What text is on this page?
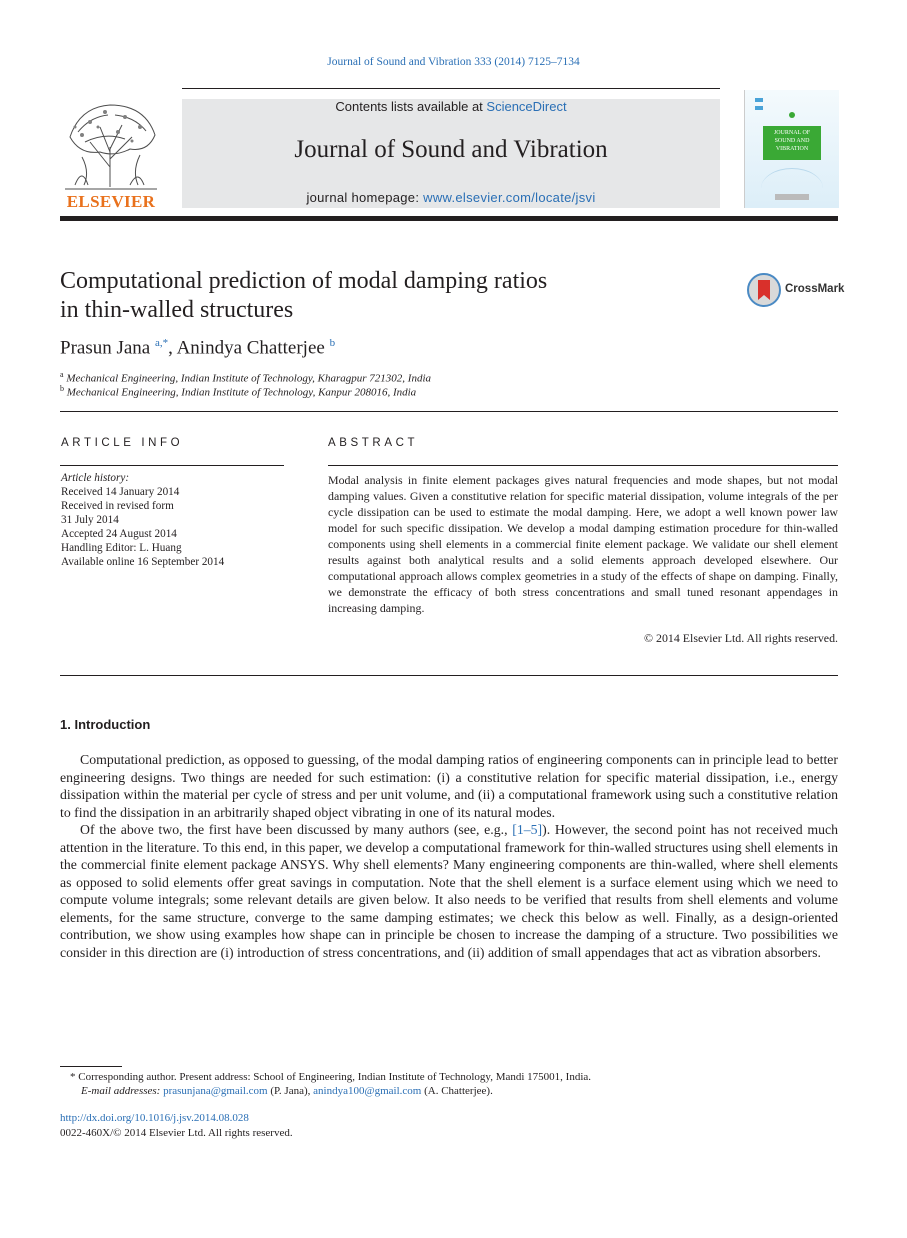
Journal of Sound and Vibration 333 (2014) 7125–7134
ELSEVIER
Contents lists available at ScienceDirect
Journal of Sound and Vibration
journal homepage: www.elsevier.com/locate/jsvi
JOURNAL OF
SOUND AND
VIBRATION
Computational prediction of modal damping ratios
in thin-walled structures
CrossMark
Prasun Jana $^{a,*}$, Anindya Chatterjee $^b$
$^a$ Mechanical Engineering, Indian Institute of Technology, Kharagpur 721302, India
$^b$ Mechanical Engineering, Indian Institute of Technology, Kanpur 208016, India
ARTICLE INFO
Article history:
Received 14 January 2014
Received in revised form
31 July 2014
Accepted 24 August 2014
Handling Editor: L. Huang
Available online 16 September 2014
ABSTRACT
Modal analysis in finite element packages gives natural frequencies and mode shapes, but not modal damping values. Given a constitutive relation for specific material dissipation, volume integrals of the per cycle dissipation can be used to estimate the modal damping. Here, we adopt a well known power law model for such specific dissipation. We develop a modal damping estimation procedure for thin-walled components using shell elements in a commercial finite element package. We validate our shell element results against both analytical results and a solid elements approach developed elsewhere. Our computational approach allows complex geometries in a study of the effects of shape on damping. Finally, we demonstrate the efficacy of both stress concentrations and small tuned resonant appendages in increasing damping.
© 2014 Elsevier Ltd. All rights reserved.
1. Introduction

Computational prediction, as opposed to guessing, of the modal damping ratios of engineering components can in principle lead to better engineering designs. Two things are needed for such estimation: (i) a constitutive relation for specific material dissipation, i.e., energy dissipation within the material per cycle of stress and per unit volume, and (ii) a computational framework using such a constitutive relation to find the dissipation in an arbitrarily shaped object vibrating in one of its natural modes.

Of the above two, the first have been discussed by many authors (see, e.g., [1–5]). However, the second point has not received much attention in the literature. To this end, in this paper, we develop a computational framework for thin-walled structures using shell elements in the commercial finite element package ANSYS. Why shell elements? Many engineering components are thin-walled, where shell elements as opposed to solid elements offer great savings in computation. Note that the shell element is a surface element using which we need to compute volume integrals; some relevant details are given below. It also needs to be verified that results from shell elements and volume elements, for the same structure, converge to the same damping estimates; we check this below as well. Finally, as a design-oriented contribution, we show using examples how shape can in principle be chosen to increase the damping of a structure. Two possibilities we consider in this direction are (i) introduction of stress concentrations, and (ii) addition of small appendages that act as vibration absorbers.

* Corresponding author. Present address: School of Engineering, Indian Institute of Technology, Mandi 175001, India.
E-mail addresses: prasunjana@gmail.com (P. Jana), anindya100@gmail.com (A. Chatterjee).
http://dx.doi.org/10.1016/j.jsv.2014.08.028
0022-460X/© 2014 Elsevier Ltd. All rights reserved.
